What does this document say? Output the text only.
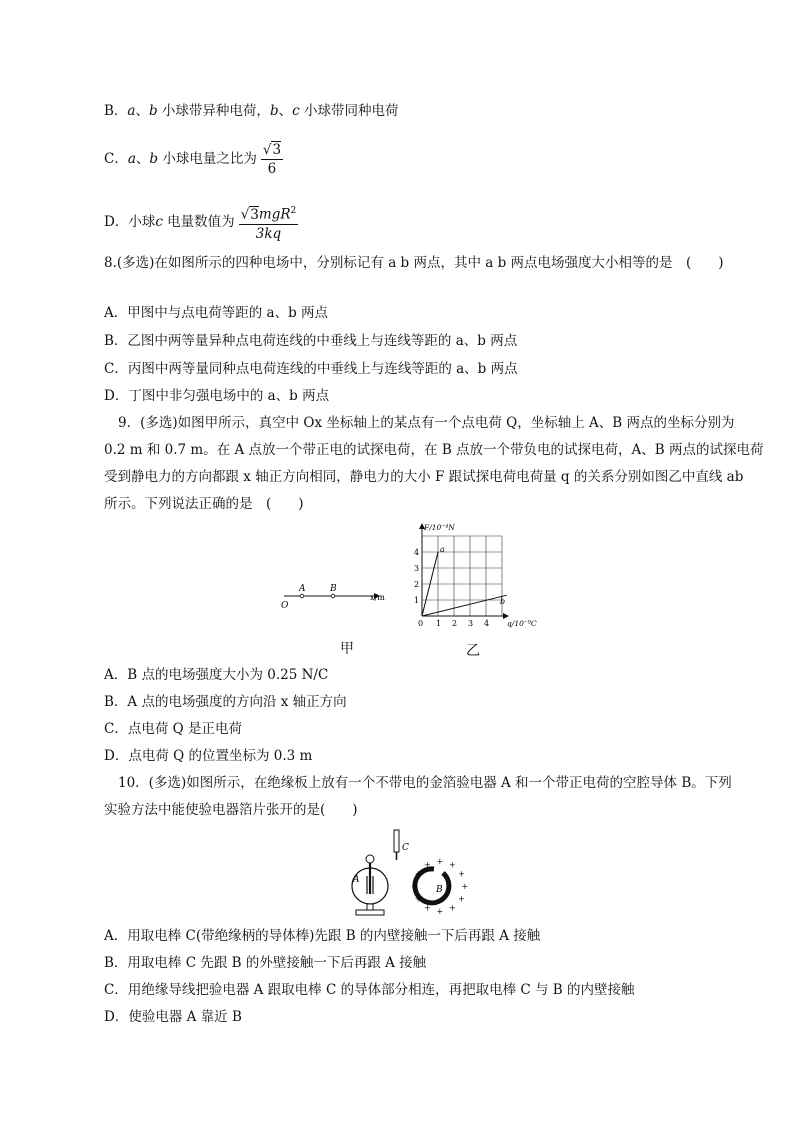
B．a、b 小球带异种电荷，b、c 小球带同种电荷
C．a、b 小球电量之比为 $\frac{√3}{6}$
D．小球c 电量数值为 $\frac{√3mgR^2}{3kq}$
8.(多选)在如图所示的四种电场中，分别标记有 a b 两点，其中 a b 两点电场强度大小相等的是　(　　)
A．甲图中与点电荷等距的 a、b 两点
B．乙图中两等量异种点电荷连线的中垂线上与连线等距的 a、b 两点
C．丙图中两等量同种点电荷连线的中垂线上与连线等距的 a、b 两点
D．丁图中非匀强电场中的 a、b 两点
9．(多选)如图甲所示，真空中 Ox 坐标轴上的某点有一个点电荷 Q，坐标轴上 A、B 两点的坐标分别为
0.2 m 和 0.7 m。在 A 点放一个带正电的试探电荷，在 B 点放一个带负电的试探电荷，A、B 两点的试探电荷
受到静电力的方向都跟 x 轴正方向相同，静电力的大小 F 跟试探电荷电荷量 q 的关系分别如图乙中直线 ab
所示。下列说法正确的是　(　　)
O
A	B
x/m
甲
F/10⁻⁴N
q/10⁻⁹C
1
2
3
4
0 1 2 3 4
a
b
乙
A．B 点的电场强度大小为 0.25 N/C
B．A 点的电场强度的方向沿 x 轴正方向
C．点电荷 Q 是正电荷
D．点电荷 Q 的位置坐标为 0.3 m
10．(多选)如图所示，在绝缘板上放有一个不带电的金箔验电器 A 和一个带正电荷的空腔导体 B。下列
实验方法中能使验电器箔片张开的是(　　)
A
C
B
+ +
+
+
+
+
+
+
+
+
+
+
A．用取电棒 C(带绝缘柄的导体棒)先跟 B 的内壁接触一下后再跟 A 接触
B．用取电棒 C 先跟 B 的外壁接触一下后再跟 A 接触
C．用绝缘导线把验电器 A 跟取电棒 C 的导体部分相连，再把取电棒 C 与 B 的内壁接触
D．使验电器 A 靠近 B
